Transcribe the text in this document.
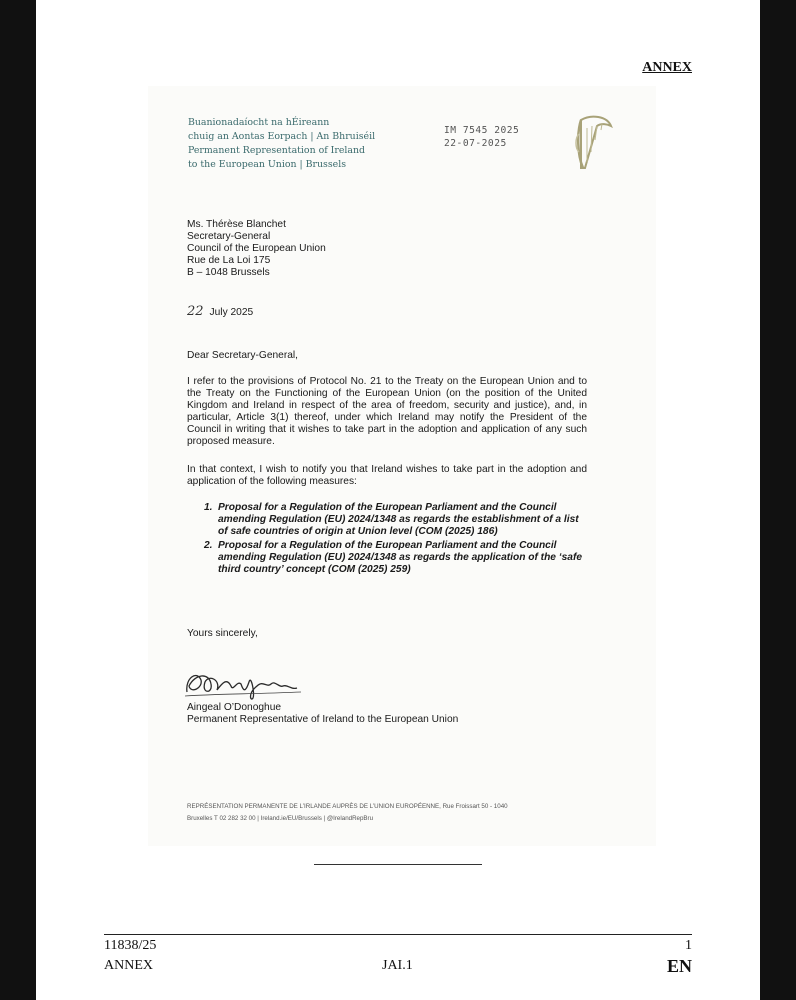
ANNEX
Buanionadaíocht na hÉireann
chuig an Aontas Eorpach | An Bhruiséil
Permanent Representation of Ireland
to the European Union | Brussels
IM 7545 2025
22-07-2025
Ms. Thérèse Blanchet
Secretary-General
Council of the European Union
Rue de La Loi 175
B – 1048 Brussels
22 July 2025
Dear Secretary-General,
I refer to the provisions of Protocol No. 21 to the Treaty on the European Union and to the Treaty on the Functioning of the European Union (on the position of the United Kingdom and Ireland in respect of the area of freedom, security and justice), and, in particular, Article 3(1) thereof, under which Ireland may notify the President of the Council in writing that it wishes to take part in the adoption and application of any such proposed measure.
In that context, I wish to notify you that Ireland wishes to take part in the adoption and application of the following measures:
1. Proposal for a Regulation of the European Parliament and the Council amending Regulation (EU) 2024/1348 as regards the establishment of a list of safe countries of origin at Union level (COM (2025) 186)
2. Proposal for a Regulation of the European Parliament and the Council amending Regulation (EU) 2024/1348 as regards the application of the ‘safe third country’ concept (COM (2025) 259)
Yours sincerely,
Aingeal O’Donoghue
Permanent Representative of Ireland to the European Union
REPRÉSENTATION PERMANENTE DE L’IRLANDE AUPRÈS DE L’UNION EUROPÉENNE, Rue Froissart 50 - 1040
Bruxelles T 02 282 32 00 | Ireland.ie/EU/Brussels | @IrelandRepBru
11838/25
ANNEX	JAI.1
1
EN
